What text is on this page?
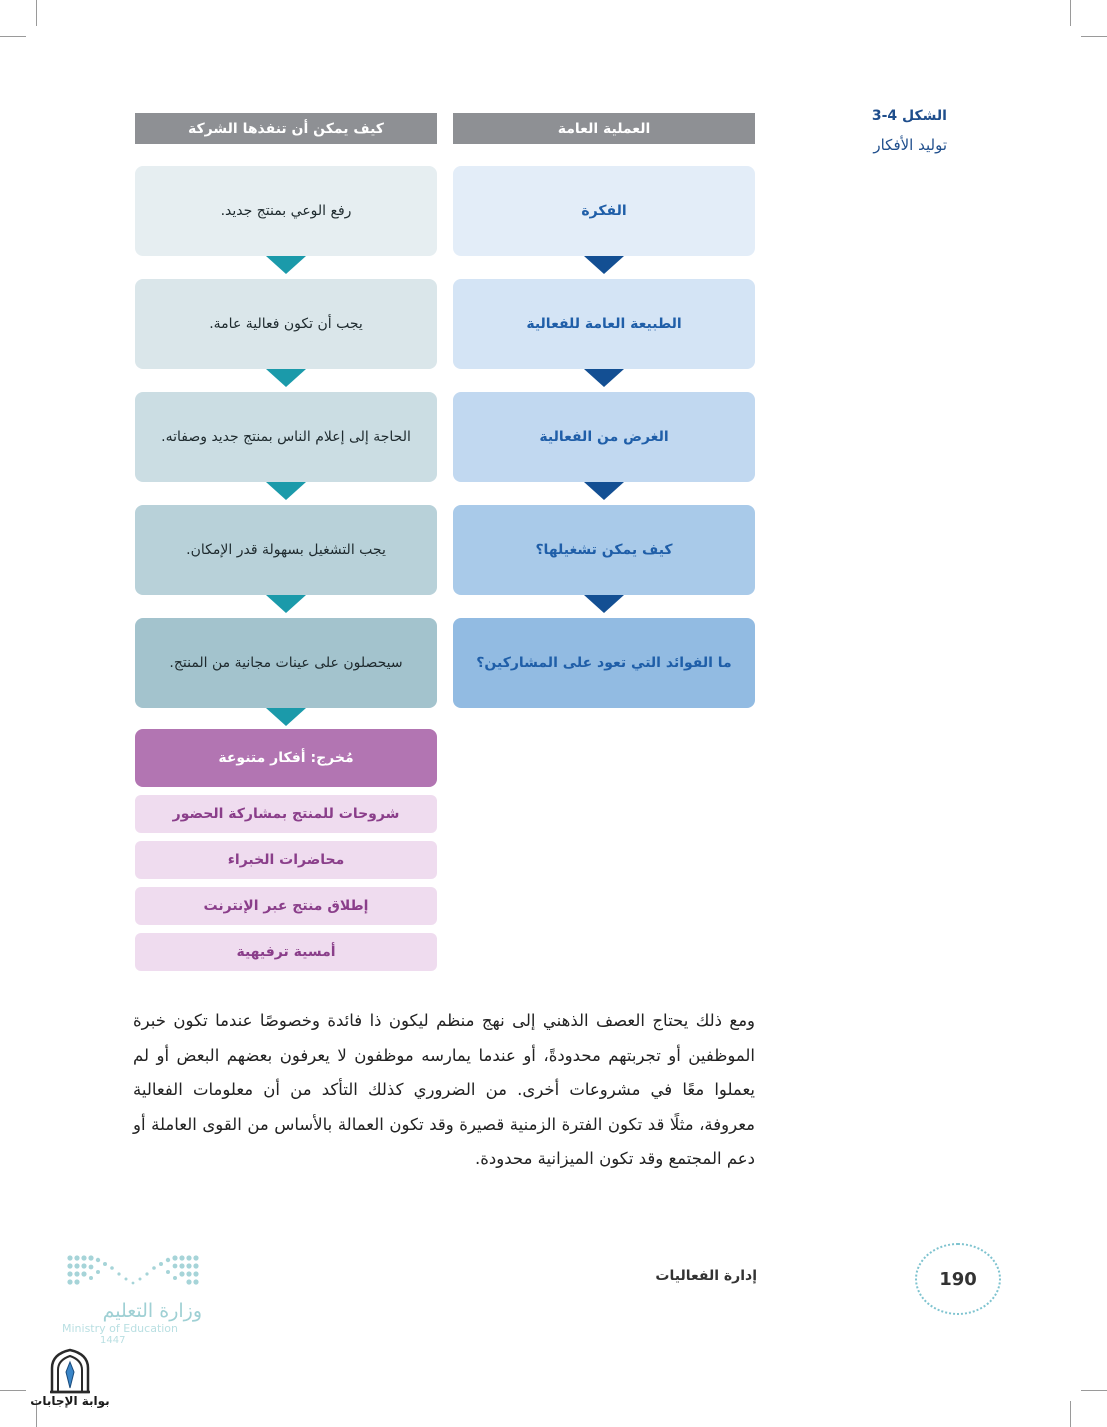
الشكل 4-3
توليد الأفكار
العملية العامة
كيف يمكن أن تنفذها الشركة
الفكرة
الطبيعة العامة للفعالية
الغرض من الفعالية
كيف يمكن تشغيلها؟
ما الفوائد التي تعود على المشاركين؟
رفع الوعي بمنتج جديد.
يجب أن تكون فعالية عامة.
الحاجة إلى إعلام الناس بمنتج جديد وصفاته.
يجب التشغيل بسهولة قدر الإمكان.
سيحصلون على عينات مجانية من المنتج.
مُخرج: أفكار متنوعة
شروحات للمنتج بمشاركة الحضور
محاضرات الخبراء
إطلاق منتج عبر الإنترنت
أمسية ترفيهية
ومع ذلك يحتاج العصف الذهني إلى نهج منظم ليكون ذا فائدة وخصوصًا عندما تكون خبرة الموظفين أو تجربتهم محدودةً، أو عندما يمارسه موظفون لا يعرفون بعضهم البعض أو لم يعملوا معًا في مشروعات أخرى. من الضروري كذلك التأكد من أن معلومات الفعالية معروفة، مثلًا قد تكون الفترة الزمنية قصيرة وقد تكون العمالة بالأساس من القوى العاملة أو دعم المجتمع وقد تكون الميزانية محدودة.
إدارة الفعاليات	190
وزارة التعليم
Ministry of Education
1447
بوابة الإجابات
